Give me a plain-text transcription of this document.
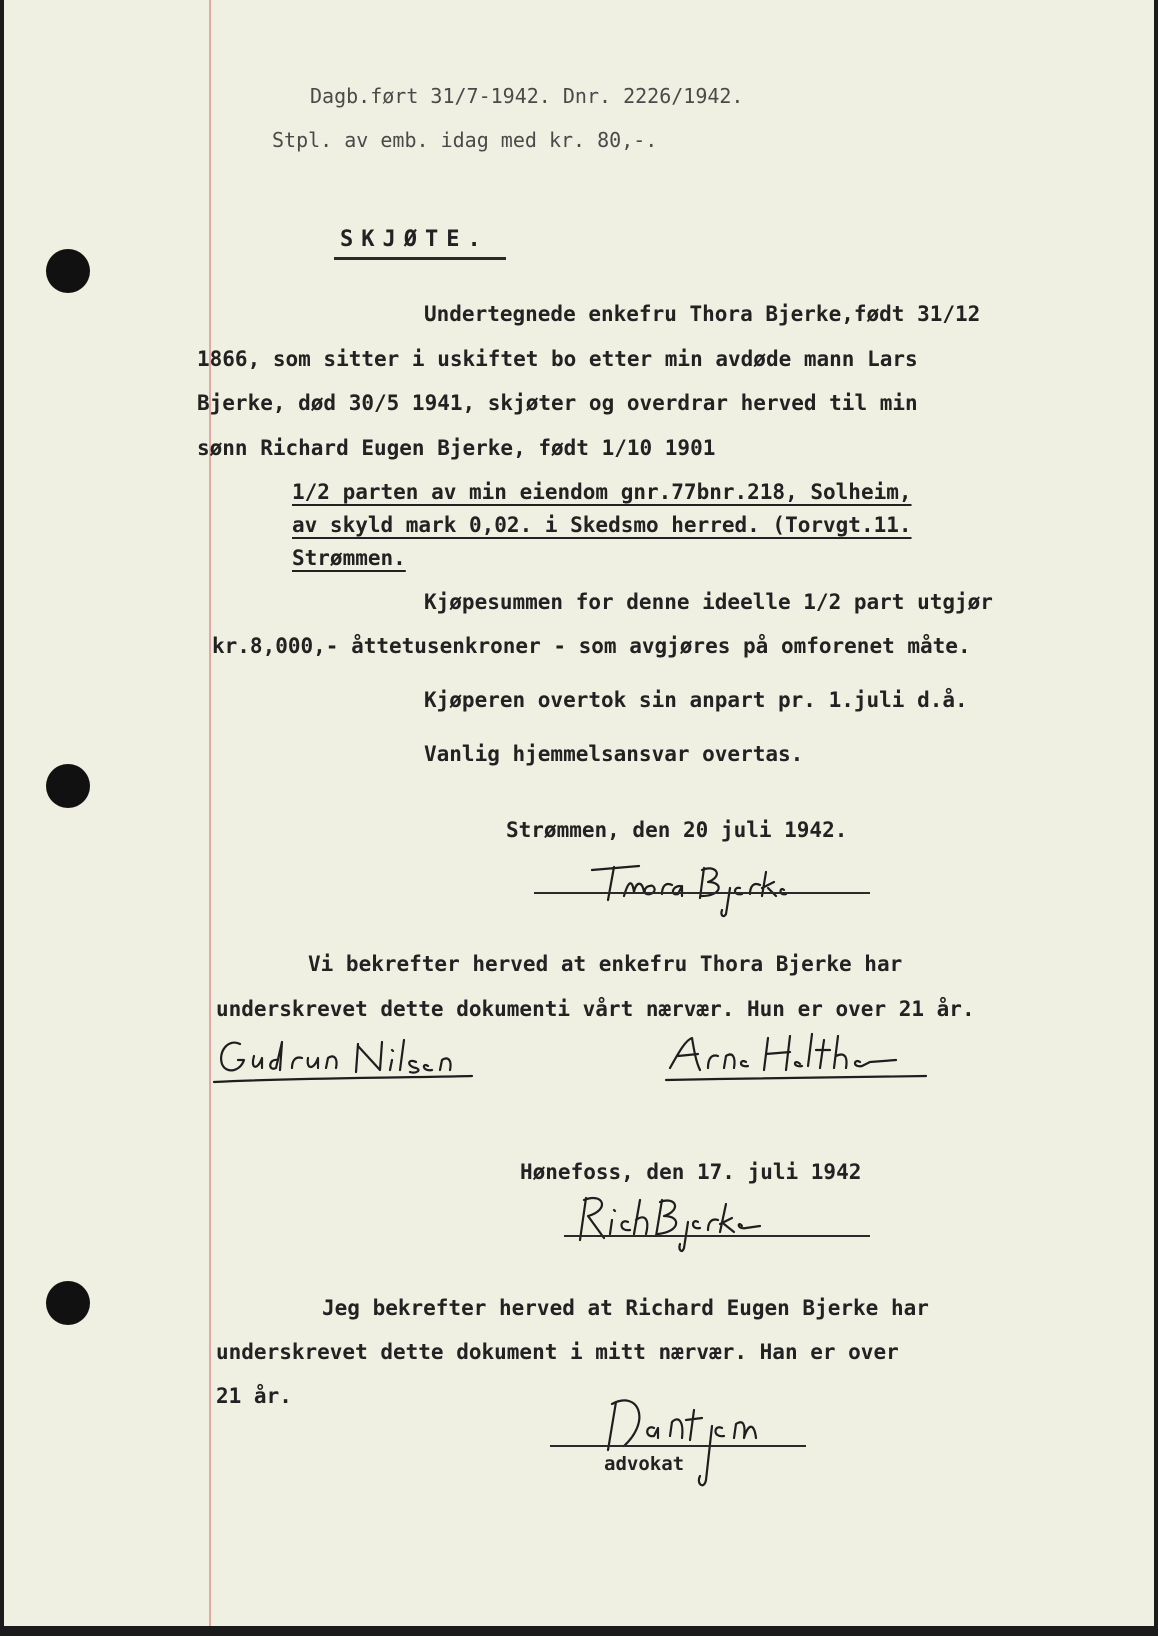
Dagb.ført 31/7-1942. Dnr. 2226/1942.

Stpl. av emb. idag med kr. 80,-.

SKJØTE.

Undertegnede enkefru Thora Bjerke,født 31/12

1866, som sitter i uskiftet bo etter min avdøde mann Lars

Bjerke, død 30/5 1941, skjøter og overdrar herved til min

sønn Richard Eugen Bjerke, født 1/10 1901

1/2 parten av min eiendom gnr.77bnr.218, Solheim,

av skyld mark 0,02. i Skedsmo herred. (Torvgt.11.

Strømmen.

Kjøpesummen for denne ideelle 1/2 part utgjør

kr.8,000,- åttetusenkroner - som avgjøres på omforenet måte.

Kjøperen overtok sin anpart pr. 1.juli d.å.

Vanlig hjemmelsansvar overtas.

Strømmen, den 20 juli 1942.

Vi bekrefter herved at enkefru Thora Bjerke har

underskrevet dette dokumenti vårt nærvær. Hun er over 21 år.

Hønefoss, den 17. juli 1942

Jeg bekrefter herved at Richard Eugen Bjerke har

underskrevet dette dokument i mitt nærvær. Han er over

21 år.

advokat
